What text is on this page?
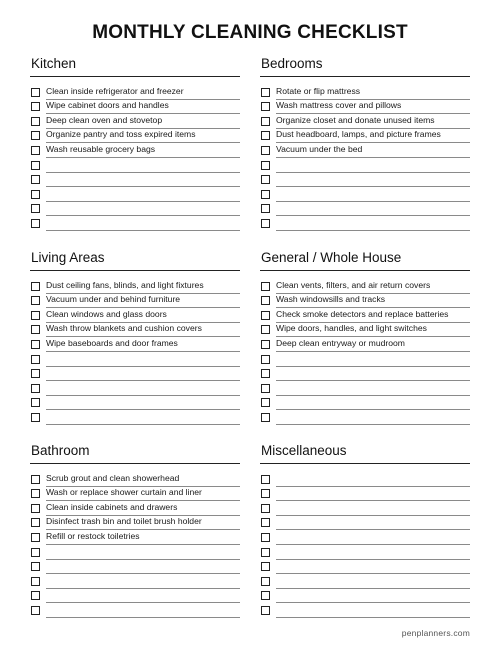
MONTHLY CLEANING CHECKLIST
Kitchen
Clean inside refrigerator and freezer
Wipe cabinet doors and handles
Deep clean oven and stovetop
Organize pantry and toss expired items
Wash reusable grocery bags
Bedrooms
Rotate or flip mattress
Wash mattress cover and pillows
Organize closet and donate unused items
Dust headboard, lamps, and picture frames
Vacuum under the bed
Living Areas
Dust ceiling fans, blinds, and light fixtures
Vacuum under and behind furniture
Clean windows and glass doors
Wash throw blankets and cushion covers
Wipe baseboards and door frames
General / Whole House
Clean vents, filters, and air return covers
Wash windowsills and tracks
Check smoke detectors and replace batteries
Wipe doors, handles, and light switches
Deep clean entryway or mudroom
Bathroom
Scrub grout and clean showerhead
Wash or replace shower curtain and liner
Clean inside cabinets and drawers
Disinfect trash bin and toilet brush holder
Refill or restock toiletries
Miscellaneous
penplanners.com
